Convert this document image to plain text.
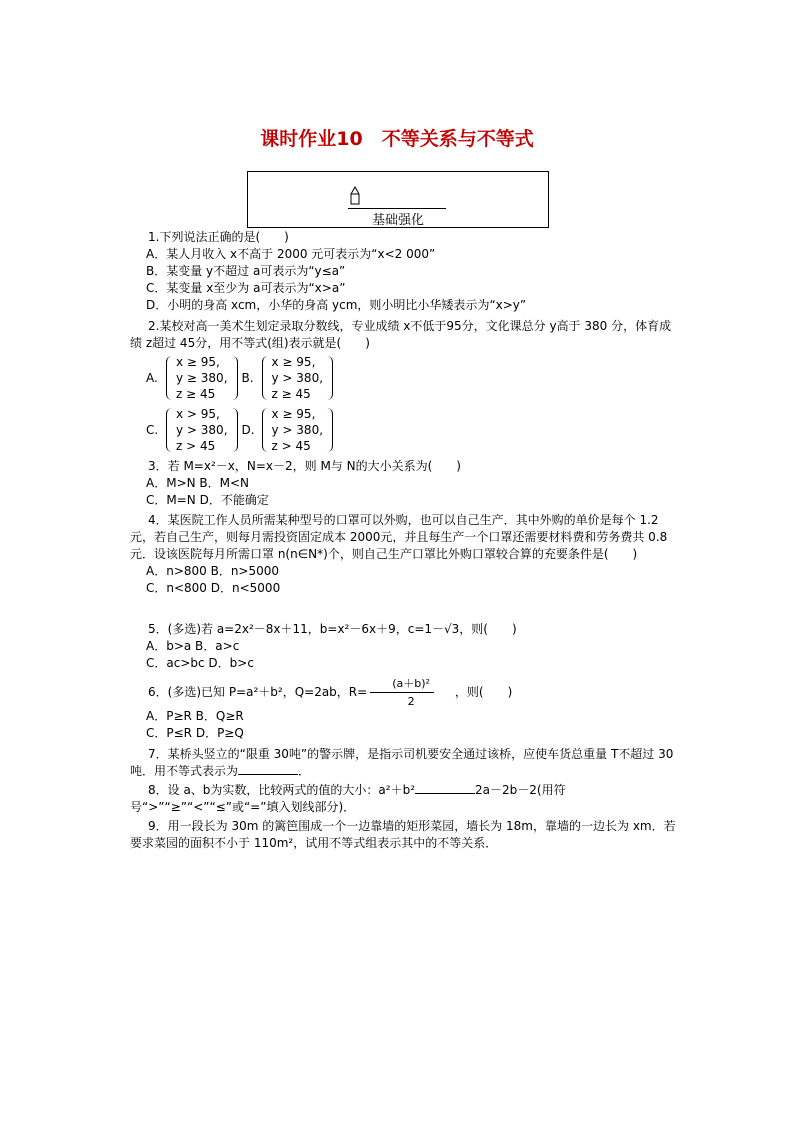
课时作业10　不等关系与不等式
基础强化
1.下列说法正确的是(　　)
A．某人月收入 x不高于 2000 元可表示为“x<2 000”
B．某变量 y不超过 a可表示为“y≤a”
C．某变量 x至少为 a可表示为“x>a”
D．小明的身高 xcm，小华的身高 ycm，则小明比小华矮表示为“x>y”
2.某校对高一美术生划定录取分数线，专业成绩 x不低于95分，文化课总分 y高于 380 分，体育成绩 z超过 45分，用不等式(组)表示就是(　　)
A.
x ≥ 95,
y ≥ 380,
z ≥ 45
B.
x ≥ 95,
y > 380,
z ≥ 45
C.
x > 95,
y > 380,
z > 45
D.
x ≥ 95,
y > 380,
z > 45
3．若 M=x²－x，N=x－2，则 M与 N的大小关系为(　　)
A．M>N B．M<N
C．M=N D．不能确定
4．某医院工作人员所需某种型号的口罩可以外购，也可以自己生产．其中外购的单价是每个 1.2元，若自己生产，则每月需投资固定成本 2000元，并且每生产一个口罩还需要材料费和劳务费共 0.8元．设该医院每月所需口罩 n(n∈N*)个，则自己生产口罩比外购口罩较合算的充要条件是(　　)
A．n>800 B．n>5000
C．n<800 D．n<5000
5．(多选)若 a=2x²－8x＋11，b=x²－6x＋9，c=1－√3，则(　　)
A．b>a B．a>c
C．ac>bc D．b>c
6．(多选)已知 P=a²＋b²，Q=2ab，$R= \frac{\text{(a＋b)²}}{2}$	，则(　　)
A．P≥R B．Q≥R
C．P≤R D．P≥Q
7．某桥头竖立的“限重 30吨”的警示牌，是指示司机要安全通过该桥，应使车货总重量 T不超过 30吨．用不等式表示为	．
8．设 a、b为实数，比较两式的值的大小：a²＋b²	2a－2b－2(用符号“>”“≥”“<”“≤”或“=”填入划线部分)．
9．用一段长为 30m 的篱笆围成一个一边靠墙的矩形菜园，墙长为 18m，靠墙的一边长为 xm．若要求菜园的面积不小于 110m²，试用不等式组表示其中的不等关系．
